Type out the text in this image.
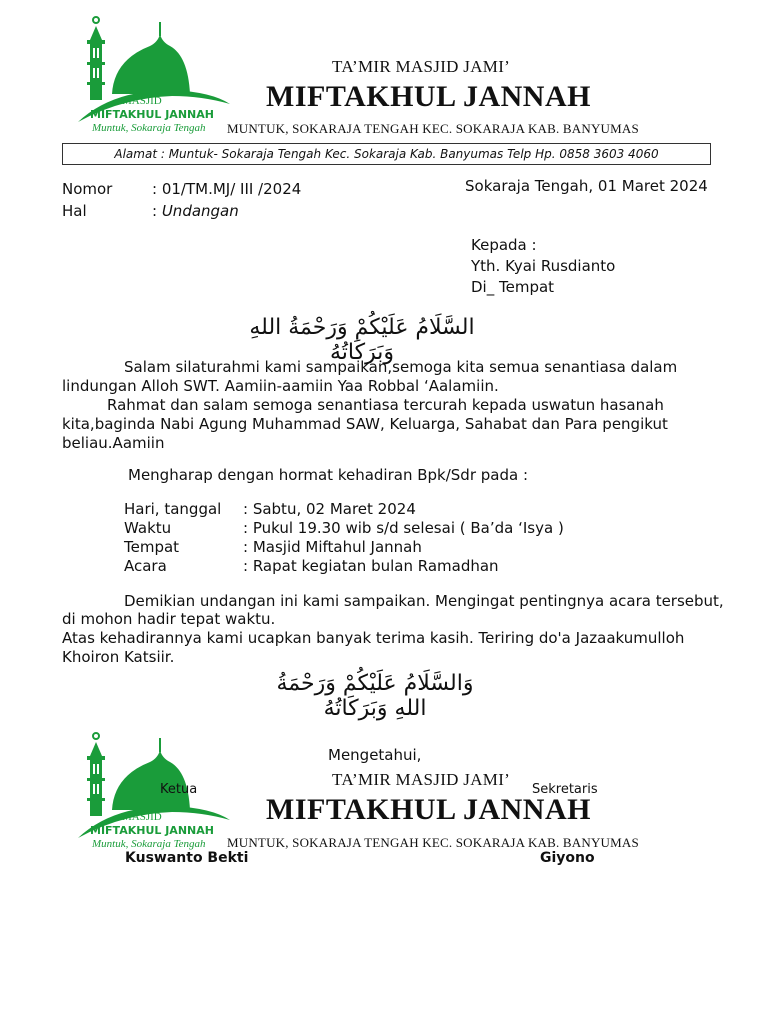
MASJID
MIFTAKHUL JANNAH
Muntuk, Sokaraja Tengah
TA’MIR MASJID JAMI’
MIFTAKHUL JANNAH
MUNTUK, SOKARAJA TENGAH KEC. SOKARAJA KAB. BANYUMAS
Alamat : Muntuk- Sokaraja Tengah Kec. Sokaraja Kab. Banyumas Telp Hp. 0858 3603 4060
Nomor	: 01/TM.MJ/ III /2024
Hal	: Undangan
Sokaraja Tengah, 01 Maret 2024
Kepada :
Yth. Kyai Rusdianto
Di_ Tempat
السَّلَامُ عَلَيْكُمْ وَرَحْمَةُ اللهِ وَبَرَكَاتُهُ
Salam silaturahmi kami sampaikan,semoga kita semua senantiasa dalam
lindungan Alloh SWT. Aamiin-aamiin Yaa Robbal ‘Aalamiin.
Rahmat dan salam semoga senantiasa tercurah kepada uswatun hasanah
kita,baginda Nabi Agung Muhammad SAW, Keluarga, Sahabat dan Para pengikut
beliau.Aamiin
Mengharap dengan hormat kehadiran Bpk/Sdr pada :
Hari, tanggal : Sabtu, 02 Maret 2024
Waktu	: Pukul 19.30 wib s/d selesai ( Ba’da ‘Isya )
Tempat	: Masjid Miftahul Jannah
Acara	: Rapat kegiatan bulan Ramadhan
Demikian undangan ini kami sampaikan. Mengingat pentingnya acara tersebut,
di mohon hadir tepat waktu.
Atas kehadirannya kami ucapkan banyak terima kasih. Teriring do'a Jazaakumulloh
Khoiron Katsiir.
وَالسَّلَامُ عَلَيْكُمْ وَرَحْمَةُ اللهِ وَبَرَكَاتُهُ
MASJID
MIFTAKHUL JANNAH
Muntuk, Sokaraja Tengah
Mengetahui,
TA’MIR MASJID JAMI’
Ketua	Sekretaris
MIFTAKHUL JANNAH
MUNTUK, SOKARAJA TENGAH KEC. SOKARAJA KAB. BANYUMAS
Kuswanto Bekti	Giyono
